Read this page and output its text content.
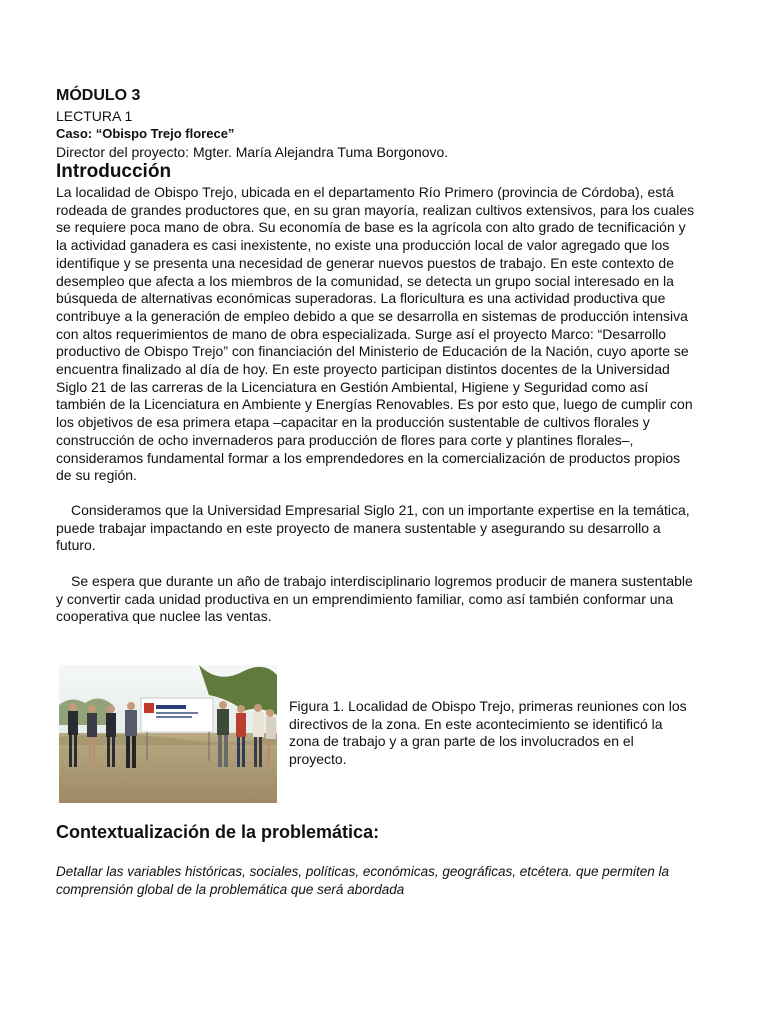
MÓDULO 3

LECTURA 1

Caso: “Obispo Trejo florece”

Director del proyecto: Mgter. María Alejandra Tuma Borgonovo.

Introducción

La localidad de Obispo Trejo, ubicada en el departamento Río Primero (provincia de Córdoba), está rodeada de grandes productores que, en su gran mayoría, realizan cultivos extensivos, para los cuales se requiere poca mano de obra. Su economía de base es la agrícola con alto grado de tecnificación y la actividad ganadera es casi inexistente, no existe una producción local de valor agregado que los identifique y se presenta una necesidad de generar nuevos puestos de trabajo. En este contexto de desempleo que afecta a los miembros de la comunidad, se detecta un grupo social interesado en la búsqueda de alternativas económicas superadoras. La floricultura es una actividad productiva que contribuye a la generación de empleo debido a que se desarrolla en sistemas de producción intensiva con altos requerimientos de mano de obra especializada. Surge así el proyecto Marco: “Desarrollo productivo de Obispo Trejo” con financiación del Ministerio de Educación de la Nación, cuyo aporte se encuentra finalizado al día de hoy. En este proyecto participan distintos docentes de la Universidad Siglo 21 de las carreras de la Licenciatura en Gestión Ambiental, Higiene y Seguridad como así también de la Licenciatura en Ambiente y Energías Renovables. Es por esto que, luego de cumplir con los objetivos de esa primera etapa –capacitar en la producción sustentable de cultivos florales y construcción de ocho invernaderos para producción de flores para corte y plantines florales–, consideramos fundamental formar a los emprendedores en la comercialización de productos propios de su región.

Consideramos que la Universidad Empresarial Siglo 21, con un importante expertise en la temática, puede trabajar impactando en este proyecto de manera sustentable y asegurando su desarrollo a futuro.

Se espera que durante un año de trabajo interdisciplinario logremos producir de manera sustentable y convertir cada unidad productiva en un emprendimiento familiar, como así también conformar una cooperativa que nuclee las ventas.

Figura 1. Localidad de Obispo Trejo, primeras reuniones con los directivos de la zona. En este acontecimiento se identificó la zona de trabajo y a gran parte de los involucrados en el proyecto.

Contextualización de la problemática:

Detallar las variables históricas, sociales, políticas, económicas, geográficas, etcétera. que permiten la comprensión global de la problemática que será abordada
